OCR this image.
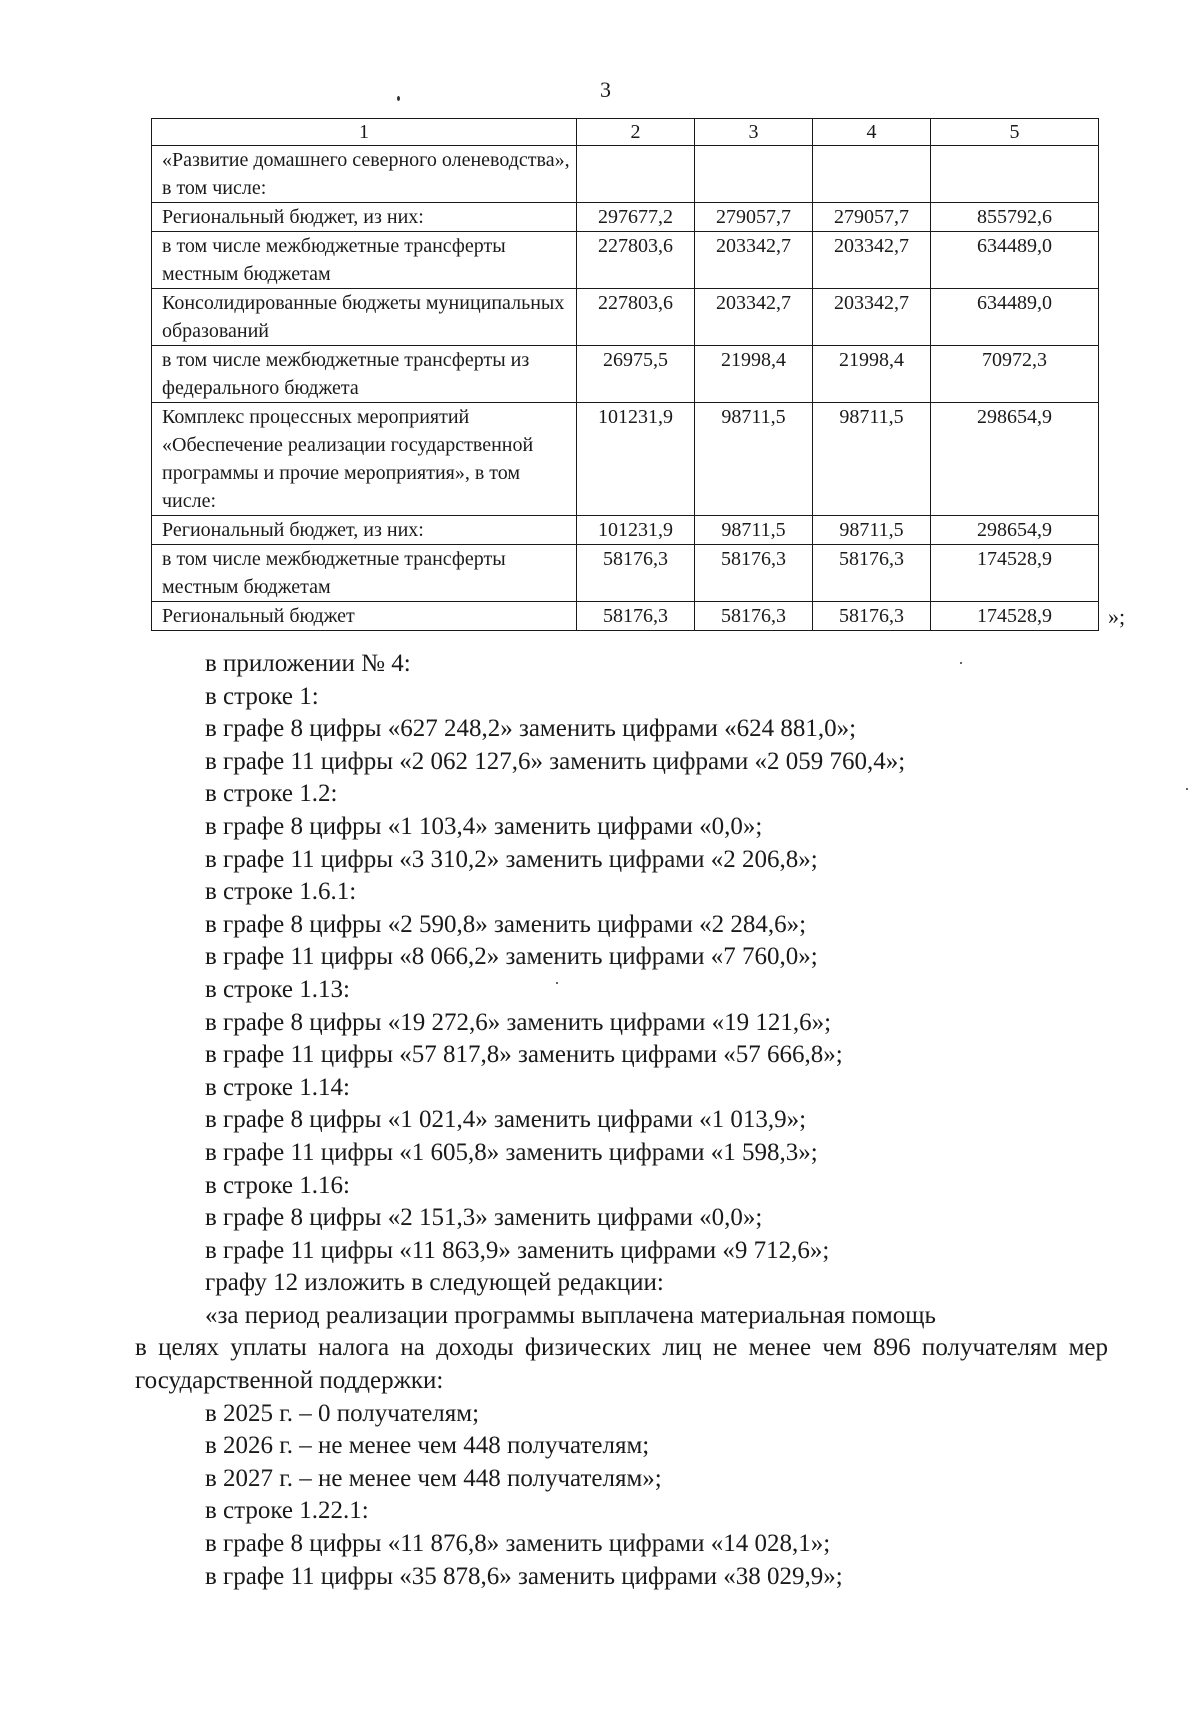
3
1	2	3	4	5
«Развитие домашнего северного оленеводства», в том числе:				
Региональный бюджет, из них:	297677,2	279057,7	279057,7	855792,6
в том числе межбюджетные трансферты местным бюджетам	227803,6	203342,7	203342,7	634489,0
Консолидированные бюджеты муниципальных образований	227803,6	203342,7	203342,7	634489,0
в том числе межбюджетные трансферты из федерального бюджета	26975,5	21998,4	21998,4	70972,3
Комплекс процессных мероприятий «Обеспечение реализации государственной программы и прочие мероприятия», в том числе:	101231,9	98711,5	98711,5	298654,9
Региональный бюджет, из них:	101231,9	98711,5	98711,5	298654,9
в том числе межбюджетные трансферты местным бюджетам	58176,3	58176,3	58176,3	174528,9
Региональный бюджет	58176,3	58176,3	58176,3	174528,9	»;
в приложении № 4:
в строке 1:
в графе 8 цифры «627 248,2» заменить цифрами «624 881,0»;
в графе 11 цифры «2 062 127,6» заменить цифрами «2 059 760,4»;
в строке 1.2:
в графе 8 цифры «1 103,4» заменить цифрами «0,0»;
в графе 11 цифры «3 310,2» заменить цифрами «2 206,8»;
в строке 1.6.1:
в графе 8 цифры «2 590,8» заменить цифрами «2 284,6»;
в графе 11 цифры «8 066,2» заменить цифрами «7 760,0»;
в строке 1.13:
в графе 8 цифры «19 272,6» заменить цифрами «19 121,6»;
в графе 11 цифры «57 817,8» заменить цифрами «57 666,8»;
в строке 1.14:
в графе 8 цифры «1 021,4» заменить цифрами «1 013,9»;
в графе 11 цифры «1 605,8» заменить цифрами «1 598,3»;
в строке 1.16:
в графе 8 цифры «2 151,3» заменить цифрами «0,0»;
в графе 11 цифры «11 863,9» заменить цифрами «9 712,6»;
графу 12 изложить в следующей редакции:
«за период реализации программы выплачена материальная помощь
в целях уплаты налога на доходы физических лиц не менее чем 896 получателям мер государственной поддержки:
в 2025 г. – 0 получателям;
в 2026 г. – не менее чем 448 получателям;
в 2027 г. – не менее чем 448 получателям»;
в строке 1.22.1:
в графе 8 цифры «11 876,8» заменить цифрами «14 028,1»;
в графе 11 цифры «35 878,6» заменить цифрами «38 029,9»;
